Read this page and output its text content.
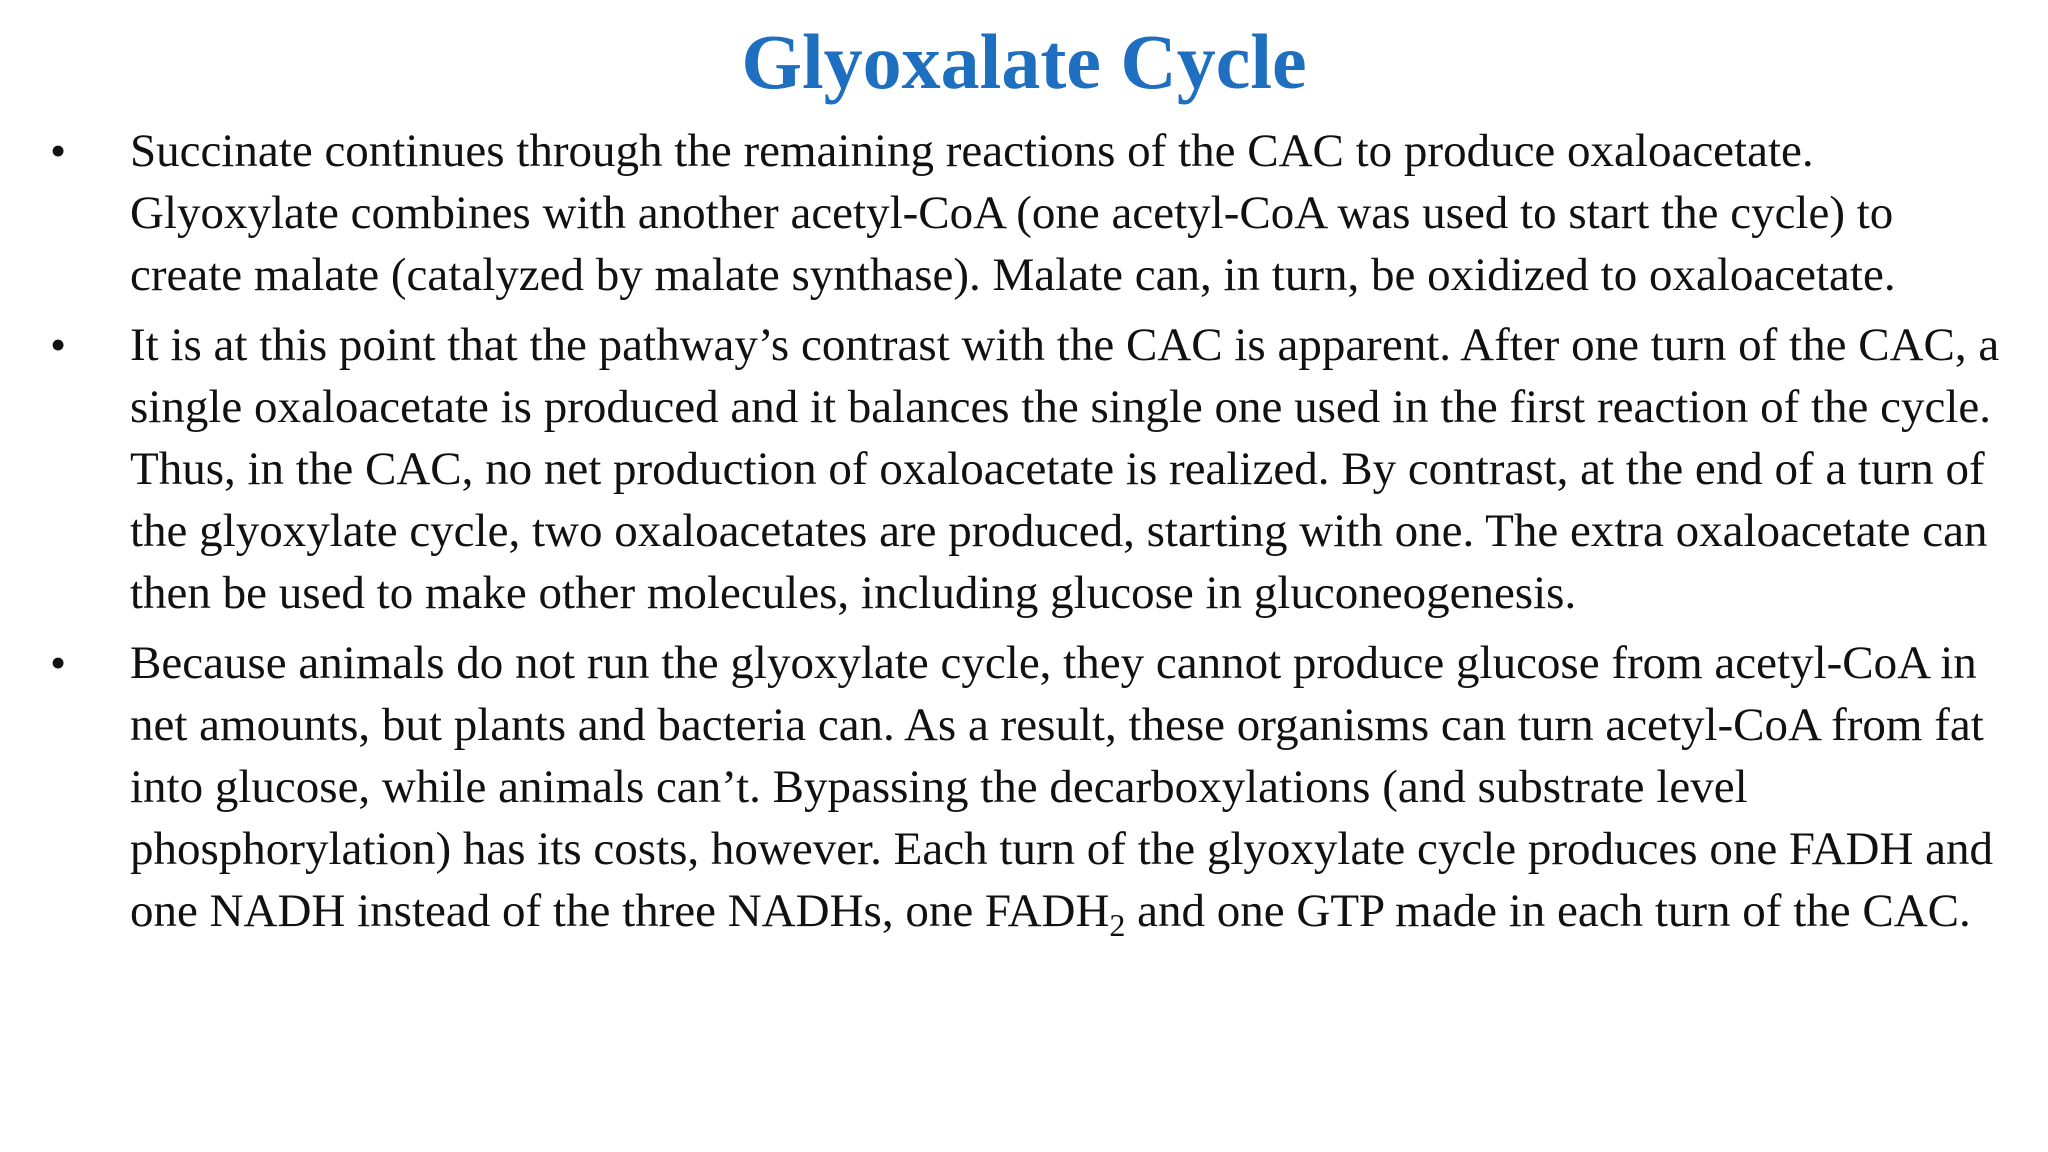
Glyoxalate Cycle
• Succinate continues through the remaining reactions of the CAC to produce oxaloacetate. Glyoxylate combines with another acetyl-CoA (one acetyl-CoA was used to start the cycle) to create malate (catalyzed by malate synthase). Malate can, in turn, be oxidized to oxaloacetate.
• It is at this point that the pathway’s contrast with the CAC is apparent. After one turn of the CAC, a single oxaloacetate is produced and it balances the single one used in the first reaction of the cycle. Thus, in the CAC, no net production of oxaloacetate is realized. By contrast, at the end of a turn of the glyoxylate cycle, two oxaloacetates are produced, starting with one. The extra oxaloacetate can then be used to make other molecules, including glucose in gluconeogenesis.
• Because animals do not run the glyoxylate cycle, they cannot produce glucose from acetyl-CoA in net amounts, but plants and bacteria can. As a result, these organisms can turn acetyl-CoA from fat into glucose, while animals can’t. Bypassing the decarboxylations (and substrate level phosphorylation) has its costs, however. Each turn of the glyoxylate cycle produces one FADH and one NADH instead of the three NADHs, one $FADH_2$ and one GTP made in each turn of the CAC.
